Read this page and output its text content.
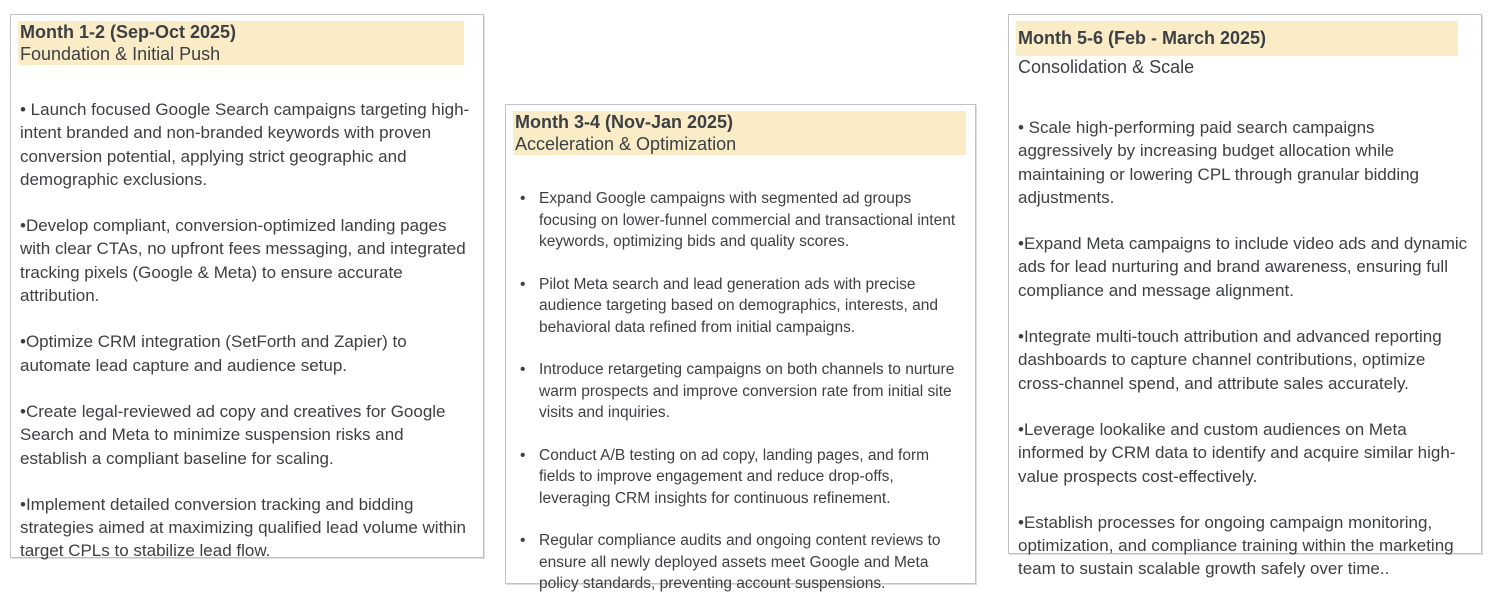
Month 1-2 (Sep-Oct 2025)
Foundation & Initial Push

• Launch focused Google Search campaigns targeting high-intent branded and non-branded keywords with proven conversion potential, applying strict geographic and demographic exclusions.

•Develop compliant, conversion-optimized landing pages with clear CTAs, no upfront fees messaging, and integrated tracking pixels (Google & Meta) to ensure accurate attribution.

•Optimize CRM integration (SetForth and Zapier) to automate lead capture and audience setup.

•Create legal-reviewed ad copy and creatives for Google Search and Meta to minimize suspension risks and establish a compliant baseline for scaling.

•Implement detailed conversion tracking and bidding strategies aimed at maximizing qualified lead volume within target CPLs to stabilize lead flow.

Month 3-4 (Nov-Jan 2025)
Acceleration & Optimization
• Expand Google campaigns with segmented ad groups focusing on lower-funnel commercial and transactional intent keywords, optimizing bids and quality scores.
• Pilot Meta search and lead generation ads with precise audience targeting based on demographics, interests, and behavioral data refined from initial campaigns.
• Introduce retargeting campaigns on both channels to nurture warm prospects and improve conversion rate from initial site visits and inquiries.
• Conduct A/B testing on ad copy, landing pages, and form fields to improve engagement and reduce drop-offs, leveraging CRM insights for continuous refinement.
• Regular compliance audits and ongoing content reviews to ensure all newly deployed assets meet Google and Meta policy standards, preventing account suspensions.
Month 5-6 (Feb - March 2025)
Consolidation & Scale

• Scale high-performing paid search campaigns aggressively by increasing budget allocation while maintaining or lowering CPL through granular bidding adjustments.

•Expand Meta campaigns to include video ads and dynamic ads for lead nurturing and brand awareness, ensuring full compliance and message alignment.

•Integrate multi-touch attribution and advanced reporting dashboards to capture channel contributions, optimize cross-channel spend, and attribute sales accurately.

•Leverage lookalike and custom audiences on Meta informed by CRM data to identify and acquire similar high-value prospects cost-effectively.

•Establish processes for ongoing campaign monitoring, optimization, and compliance training within the marketing team to sustain scalable growth safely over time..
